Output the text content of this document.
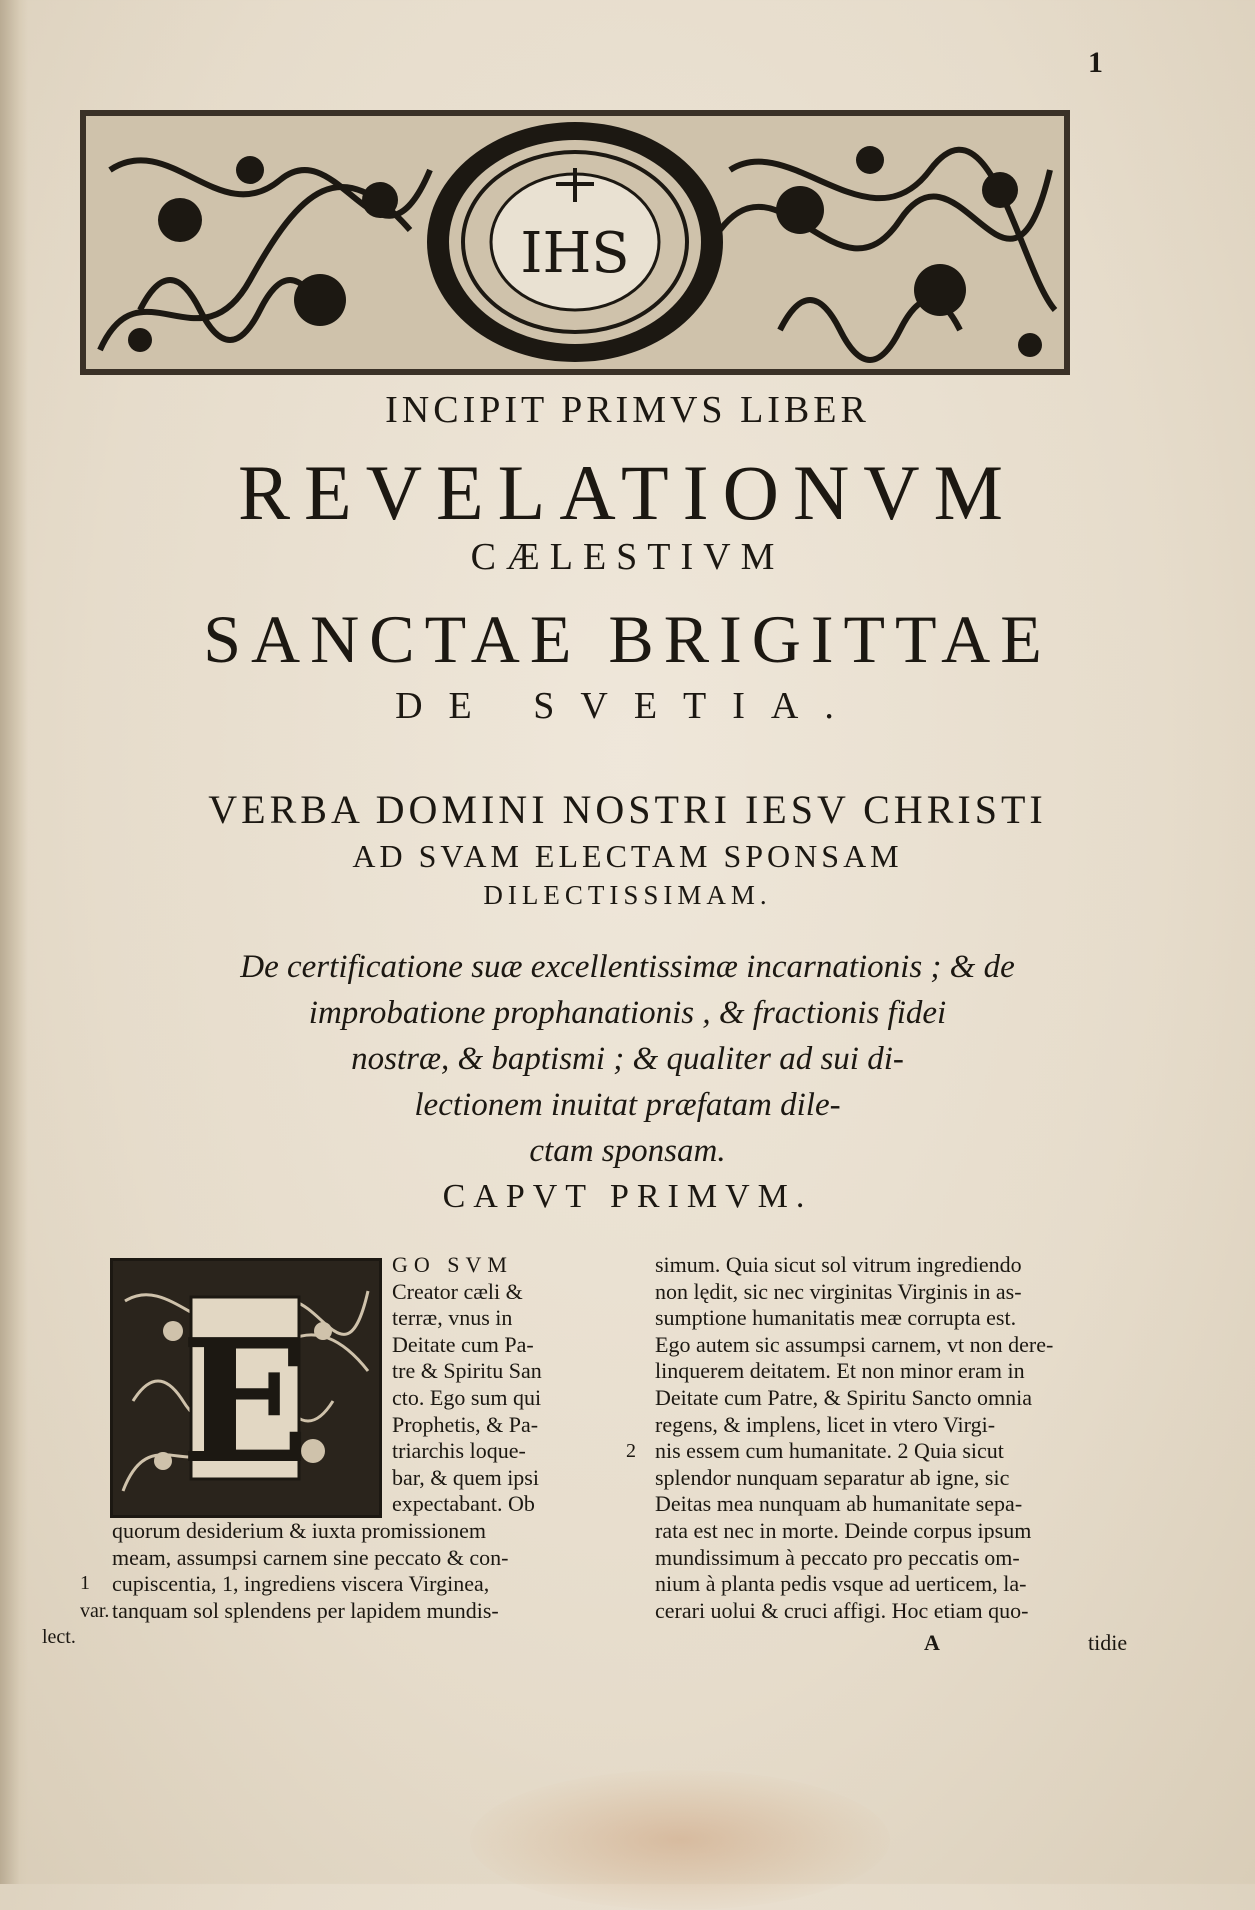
1
IHS
INCIPIT PRIMVS LIBER
REVELATIONVM
CÆLESTIVM
SANCTAE BRIGITTAE
DE SVETIA.
VERBA DOMINI NOSTRI IESV CHRISTI
AD SVAM ELECTAM SPONSAM
DILECTISSIMAM.
De certificatione suæ excellentissimæ incarnationis ; & de
improbatione prophanationis , & fractionis fidei
nostræ, & baptismi ; & qualiter ad sui di-
lectionem inuitat præfatam dile-
ctam sponsam.
CAPVT PRIMVM.
E
GO SVM
Creator cæli &
terræ, vnus in
Deitate cum Pa-
tre & Spiritu San
cto. Ego sum qui
Prophetis, & Pa-
triarchis loque-
bar, & quem ipsi
expectabant. Ob
quorum desiderium & iuxta promissionem
meam, assumpsi carnem sine peccato & con-
cupiscentia, 1, ingrediens viscera Virginea,
tanquam sol splendens per lapidem mundis-
simum. Quia sicut sol vitrum ingrediendo
non lędit, sic nec virginitas Virginis in as-
sumptione humanitatis meæ corrupta est.
Ego autem sic assumpsi carnem, vt non dere-
linquerem deitatem. Et non minor eram in
Deitate cum Patre, & Spiritu Sancto omnia
regens, & implens, licet in vtero Virgi-
nis essem cum humanitate. 2 Quia sicut
splendor nunquam separatur ab igne, sic
Deitas mea nunquam ab humanitate sepa-
rata est nec in morte. Deinde corpus ipsum
mundissimum à peccato pro peccatis om-
nium à planta pedis vsque ad uerticem, la-
cerari uolui & cruci affigi. Hoc etiam quo-
1
var.
lect.
2
A	tidie
